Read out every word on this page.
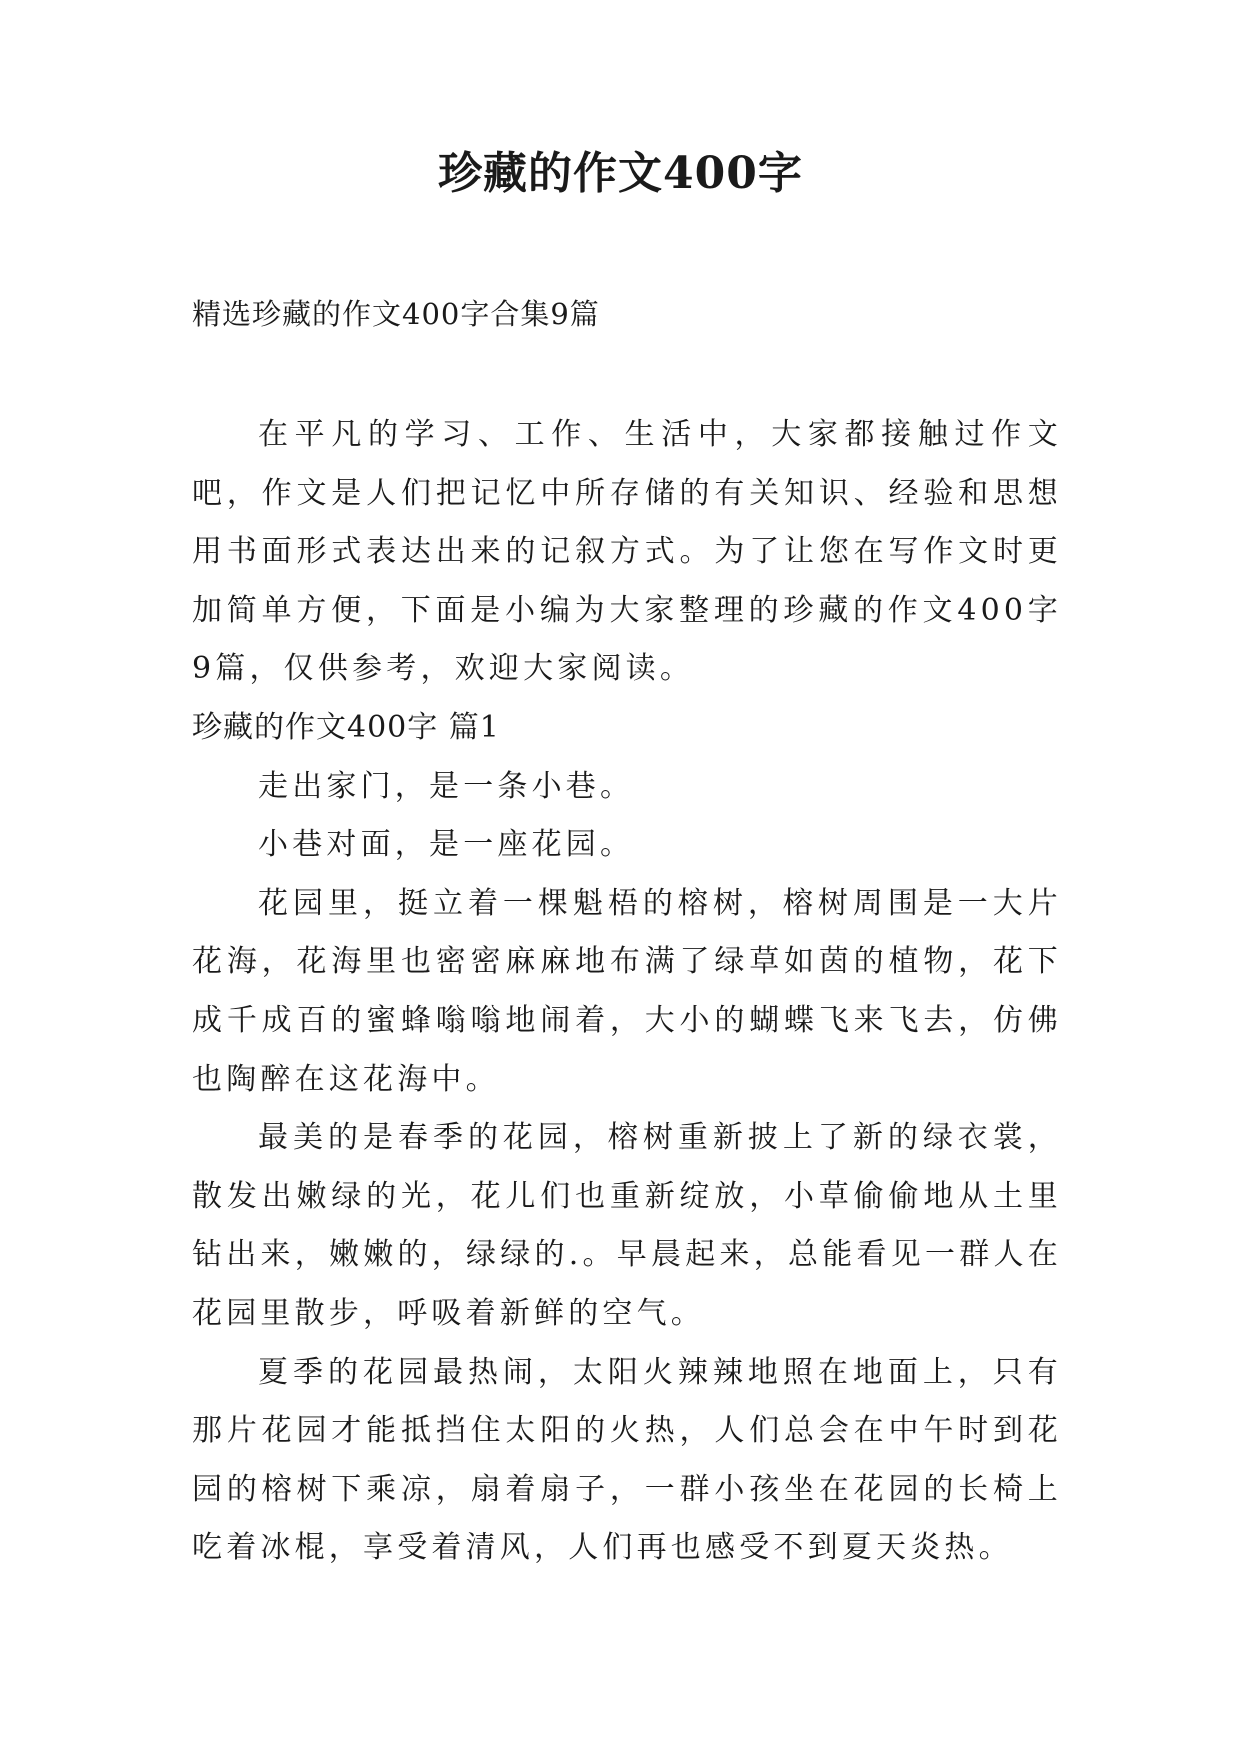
珍藏的作文400字

精选珍藏的作文400字合集9篇

在平凡的学习、工作、生活中，大家都接触过作文吧，作文是人们把记忆中所存储的有关知识、经验和思想用书面形式表达出来的记叙方式。为了让您在写作文时更加简单方便，下面是小编为大家整理的珍藏的作文400字9篇，仅供参考，欢迎大家阅读。

珍藏的作文400字 篇1

走出家门，是一条小巷。

小巷对面，是一座花园。

花园里，挺立着一棵魁梧的榕树，榕树周围是一大片花海，花海里也密密麻麻地布满了绿草如茵的植物，花下成千成百的蜜蜂嗡嗡地闹着，大小的蝴蝶飞来飞去，仿佛也陶醉在这花海中。

最美的是春季的花园，榕树重新披上了新的绿衣裳，散发出嫩绿的光，花儿们也重新绽放，小草偷偷地从土里钻出来，嫩嫩的，绿绿的.。早晨起来，总能看见一群人在花园里散步，呼吸着新鲜的空气。

夏季的花园最热闹，太阳火辣辣地照在地面上，只有那片花园才能抵挡住太阳的火热，人们总会在中午时到花园的榕树下乘凉，扇着扇子，一群小孩坐在花园的长椅上吃着冰棍，享受着清风，人们再也感受不到夏天炎热。
